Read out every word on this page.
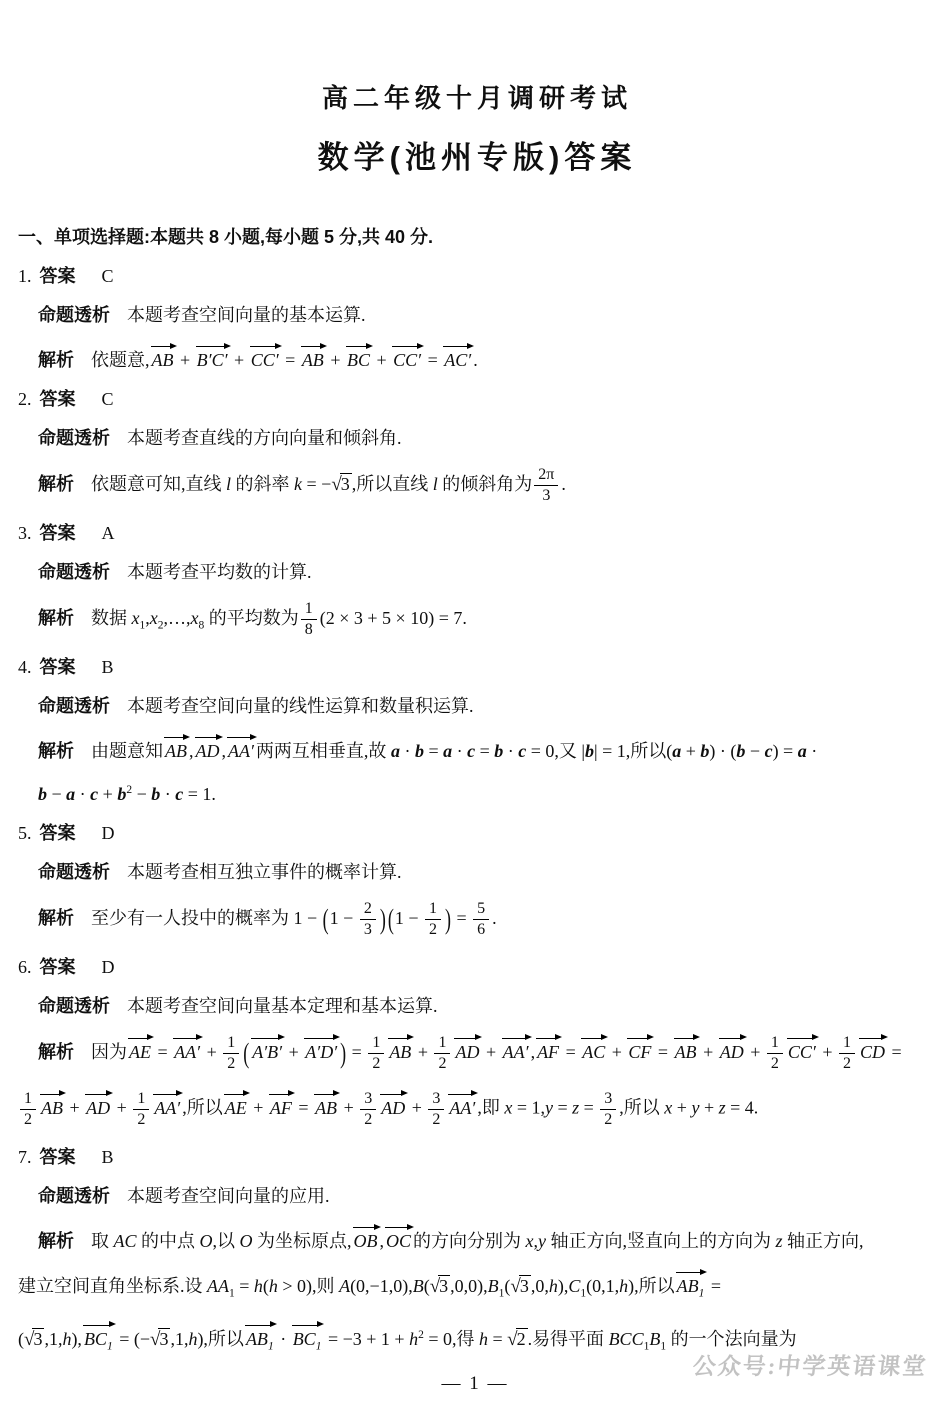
高二年级十月调研考试
数学(池州专版)答案
一、单项选择题:本题共 8 小题,每小题 5 分,共 40 分.
1. 答案 C
命题透析 本题考查空间向量的基本运算.
解析 依题意, AB + B′C′ + CC′ = AB + BC + CC′ = AC′ .
2. 答案 C
命题透析 本题考查直线的方向向量和倾斜角.
解析 依题意可知,直线 l 的斜率 k = −√3 ,所以直线 l 的倾斜角为 $\frac{2\pi}{3}$ .
3. 答案 A
命题透析 本题考查平均数的计算.
解析 数据 $x_1,x_2,\dots,x_8$ 的平均数为 $\frac{1}{8} (2 \times 3 + 5 \times 10) = 7$.
4. 答案 B
命题透析 本题考查空间向量的线性运算和数量积运算.
解析 由题意知 AB , AD , AA′ 两两互相垂直,故 a · b = a · c = b · c = 0,又 |b| = 1,所以(a + b) · (b − c) = a ·
$b - a \cdot c + b^2 - b \cdot c = 1$.
5. 答案 D
命题透析 本题考查相互独立事件的概率计算.
解析 至少有一人投中的概率为 $1 - (1 - \frac{2}{3}$ ) ($1 - \frac{1}{2}$ ) = $\frac{5}{6}$ .
6. 答案 D
命题透析 本题考查空间向量基本定理和基本运算.
解析 因为 AE = $AA' + \frac{1}{2}$ ( A′B′ + A′D′ ) = $\frac{1}{2}$ AB + $\frac{1}{2}$ AD + AA′ , AF = AC + CF = AB + AD + $\frac{1}{2} CC' + \frac{1}{2}$ CD =
$\frac{1}{2}$ AB + AD + $\frac{1}{2} AA'$ ,所以 AE + AF = AB + $\frac{3}{2}$ AD + $\frac{3}{2} AA'$ ,即 $x = 1,y = z = \frac{3}{2}$ ,所以 x + y + z = 4.
7. 答案 B
命题透析 本题考查空间向量的应用.
解析 取 AC 的中点 O,以 O 为坐标原点, OB , OC 的方向分别为 x,y 轴正方向,竖直向上的方向为 z 轴正方向,
建立空间直角坐标系.设 $AA_1 = h(h > 0)$,则 A(0,−1,0),B(√3 $,0,0),B_1(√3$ $,0,h),C_1(0,1,h)$,所以 $AB_1$ =
(√3 ,1,h), $BC_1 = (-√3$ ,1,h),所以 $AB_1 \cdot BC_1 = -3 + 1 + h^2 = 0$,得 h = √2 .易得平面 $BCC_1B_1$ 的一个法向量为
公众号:中学英语课堂
— 1 —
